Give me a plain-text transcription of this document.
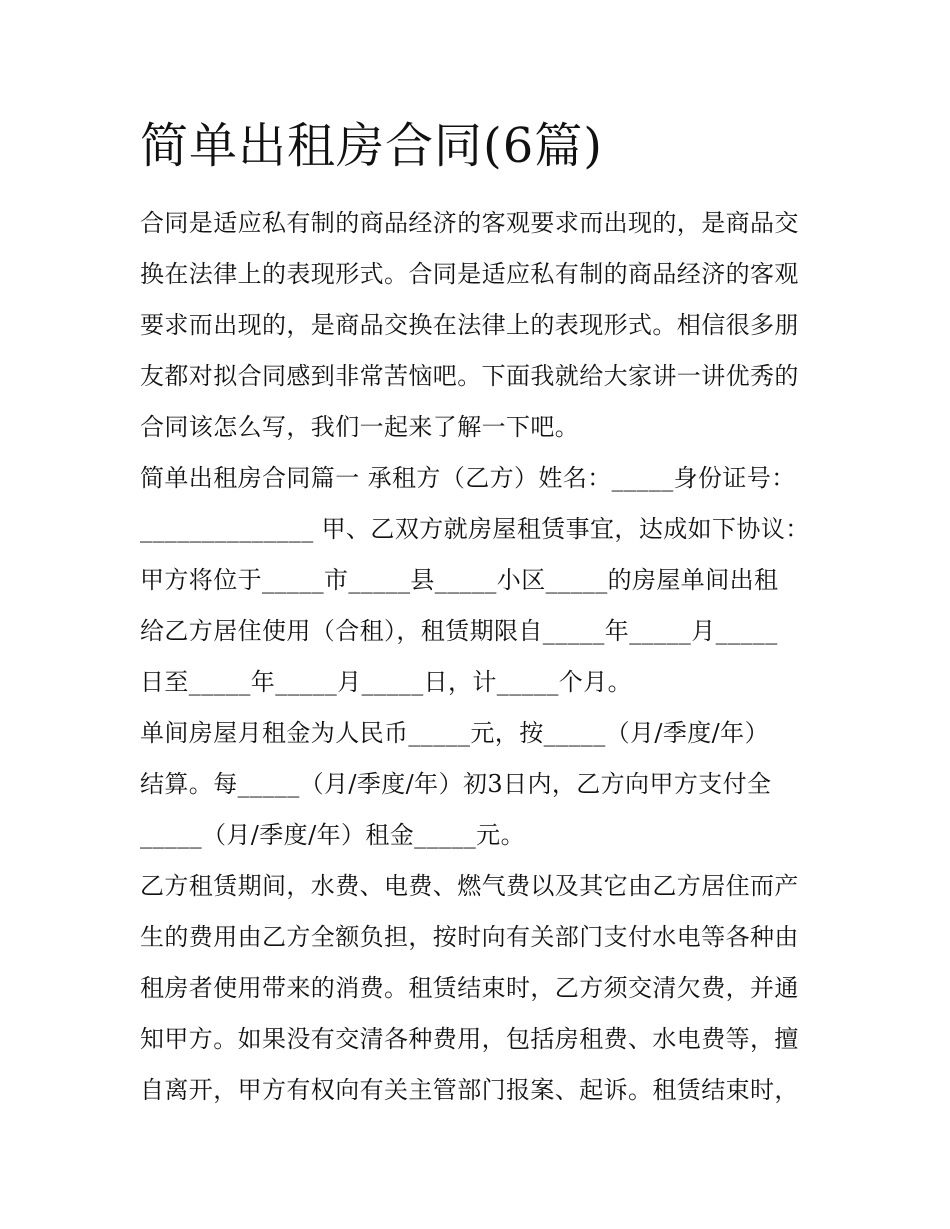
简单出租房合同(6篇)
合同是适应私有制的商品经济的客观要求而出现的，是商品交
换在法律上的表现形式。合同是适应私有制的商品经济的客观
要求而出现的，是商品交换在法律上的表现形式。相信很多朋
友都对拟合同感到非常苦恼吧。下面我就给大家讲一讲优秀的
合同该怎么写，我们一起来了解一下吧。
简单出租房合同篇一 承租方（乙方）姓名：_____身份证号：
______________ 甲、乙双方就房屋租赁事宜，达成如下协议：
甲方将位于_____市_____县_____小区_____的房屋单间出租
给乙方居住使用（合租），租赁期限自_____年_____月_____
日至_____年_____月_____日，计_____个月。
单间房屋月租金为人民币_____元，按_____（月/季度/年）
结算。每_____（月/季度/年）初3日内，乙方向甲方支付全
_____（月/季度/年）租金_____元。
乙方租赁期间，水费、电费、燃气费以及其它由乙方居住而产
生的费用由乙方全额负担，按时向有关部门支付水电等各种由
租房者使用带来的消费。租赁结束时，乙方须交清欠费，并通
知甲方。如果没有交清各种费用，包括房租费、水电费等，擅
自离开，甲方有权向有关主管部门报案、起诉。租赁结束时，
